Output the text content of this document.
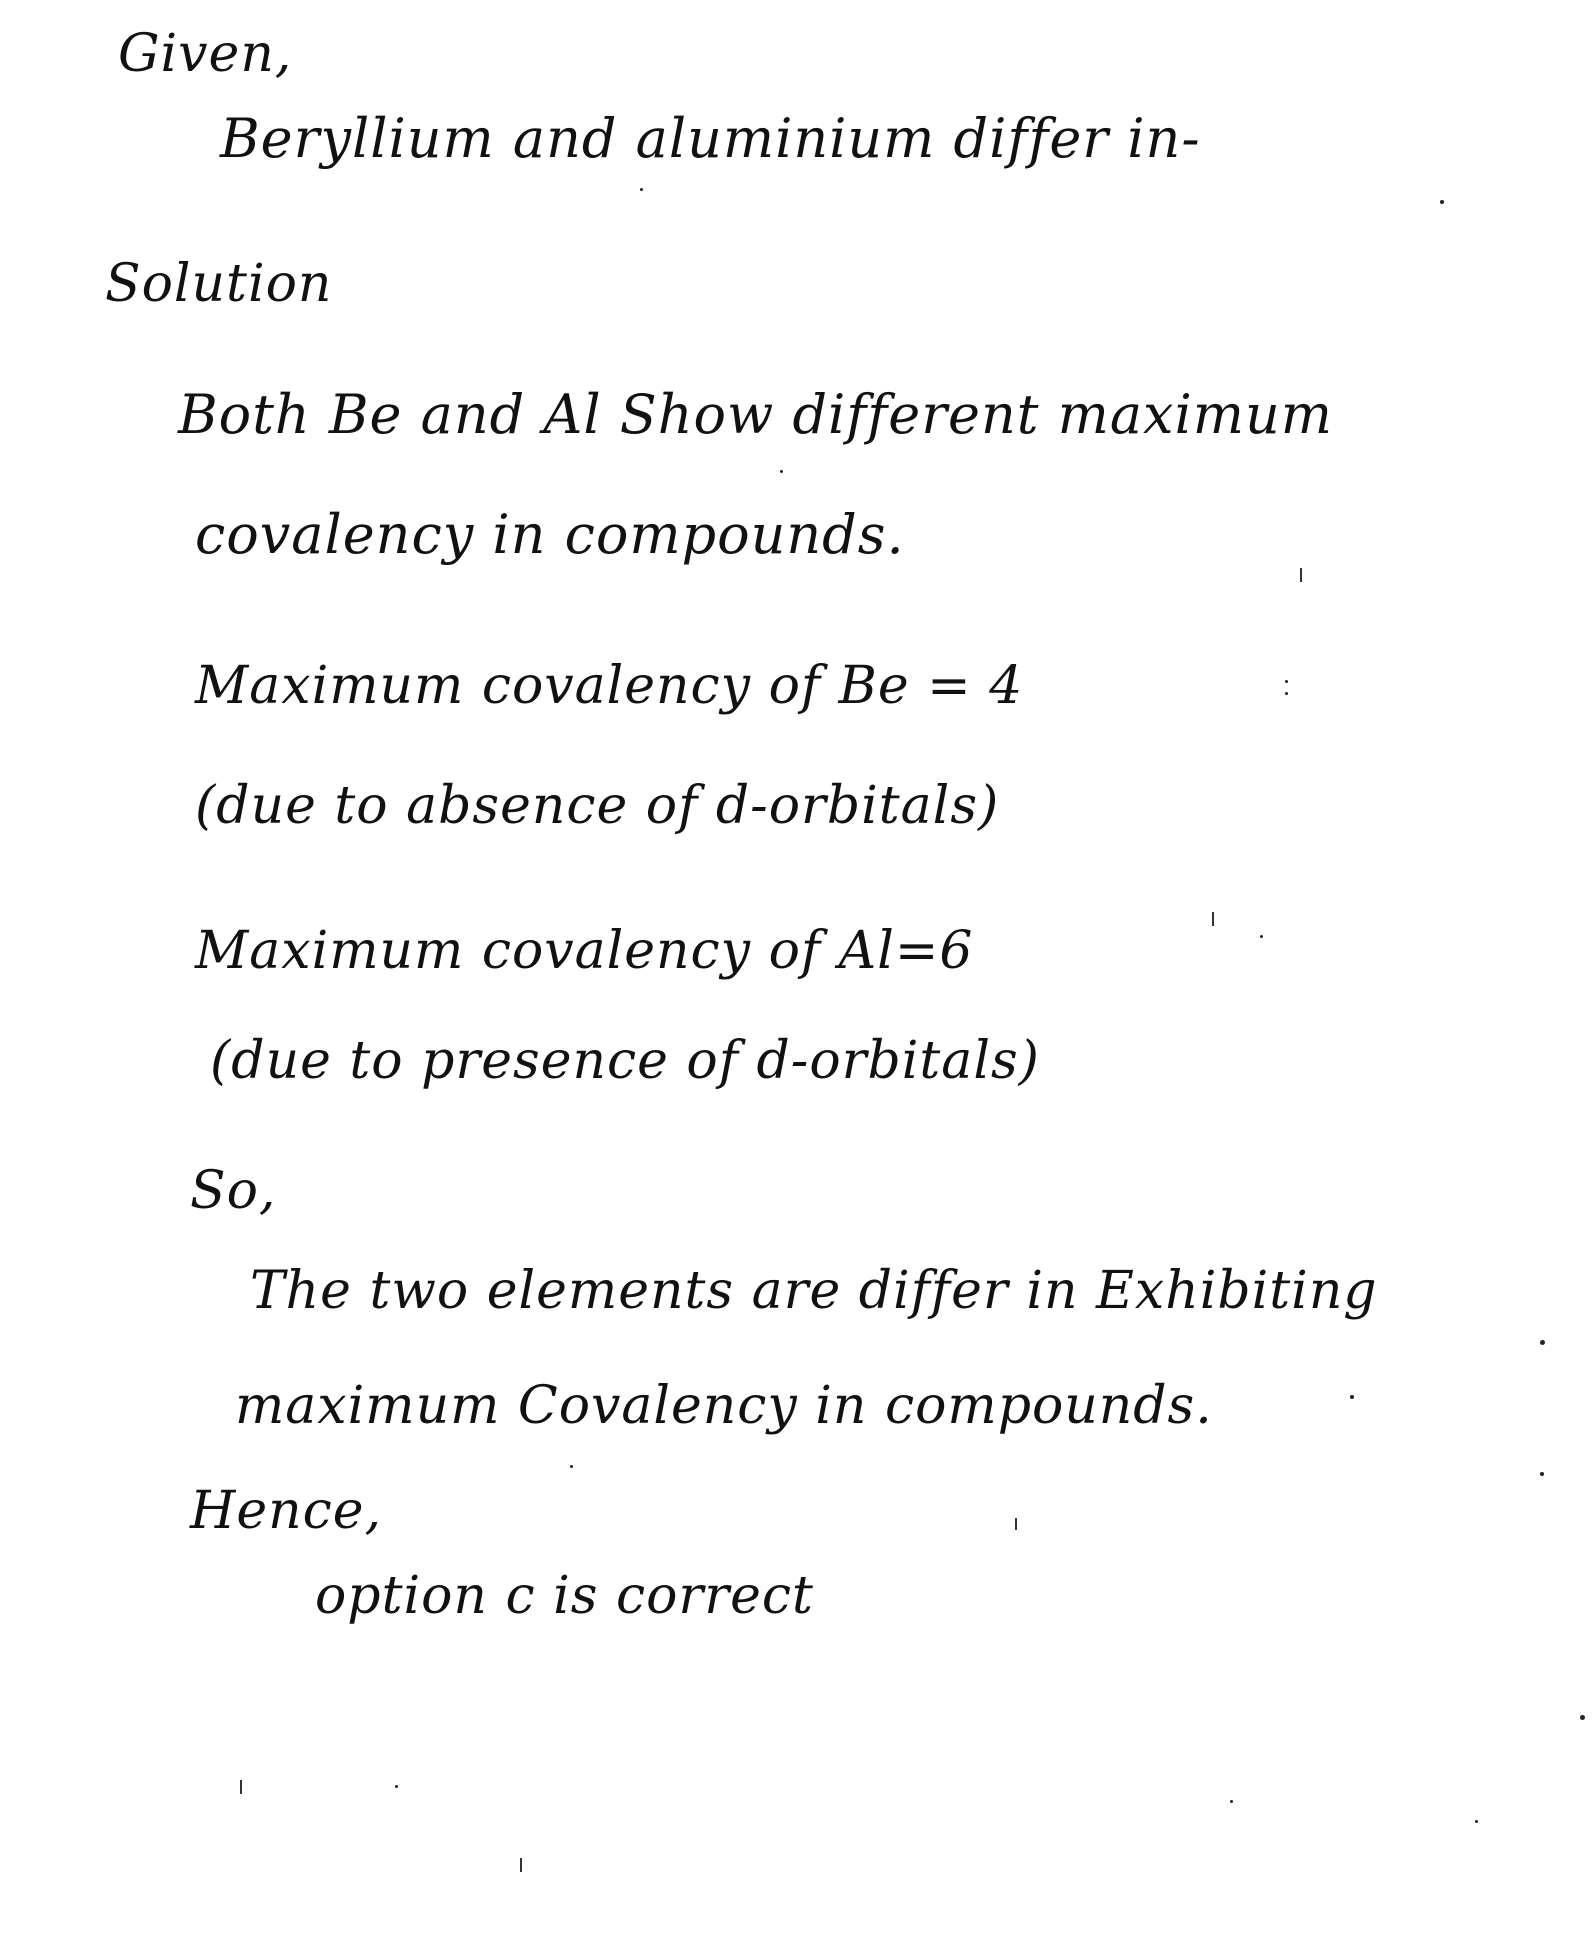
Given,
Beryllium and aluminium differ in-
Solution
Both Be and Al Show different maximum
covalency in compounds.
Maximum covalency of Be = 4
(due to absence of d-orbitals)
Maximum covalency of Al=6
(due to presence of d-orbitals)
So,
The two elements are differ in Exhibiting
maximum Covalency in compounds.
Hence,
option c is correct
